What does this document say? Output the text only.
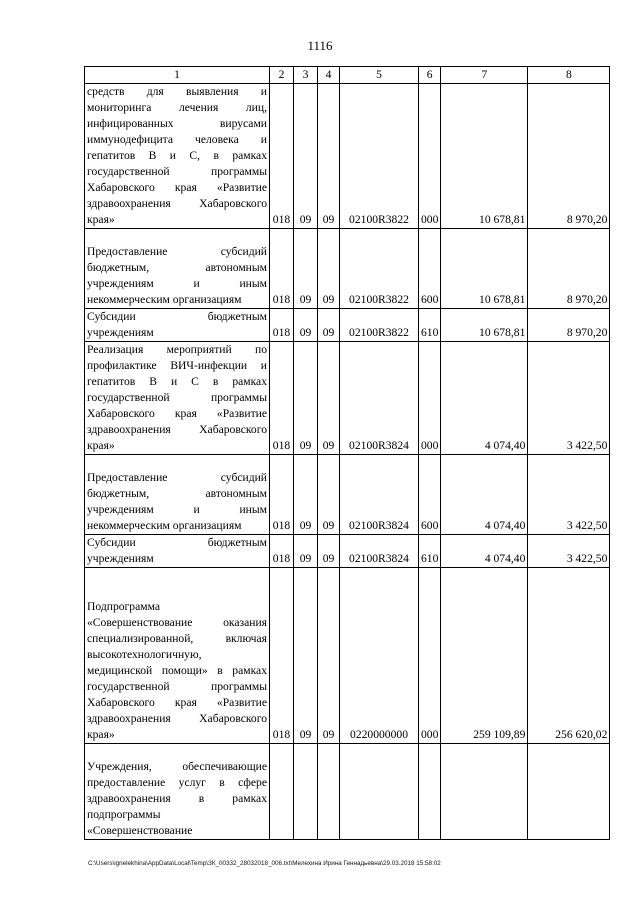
1116
1	2	3	4	5	6	7	8

средств для выявления и мониторинга лечения лиц, инфицированных вирусами иммунодефицита человека и гепатитов В и С, в рамках государственной программы Хабаровского края «Развитие здравоохранения Хабаровского края»	018	09	09	02100R3822	000	10 678,81	8 970,20

Предоставление субсидий бюджетным, автономным учреждениям и иным некоммерческим организациям	018	09	09	02100R3822	600	10 678,81	8 970,20

Субсидии бюджетным учреждениям	018	09	09	02100R3822	610	10 678,81	8 970,20

Реализация мероприятий по профилактике ВИЧ-инфекции и гепатитов В и С в рамках государственной программы Хабаровского края «Развитие здравоохранения Хабаровского края»	018	09	09	02100R3824	000	4 074,40	3 422,50

Предоставление субсидий бюджетным, автономным учреждениям и иным некоммерческим организациям	018	09	09	02100R3824	600	4 074,40	3 422,50

Субсидии бюджетным учреждениям	018	09	09	02100R3824	610	4 074,40	3 422,50

Подпрограмма «Совершенствование оказания специализированной, включая высокотехнологичную, медицинской помощи» в рамках государственной программы Хабаровского края «Развитие здравоохранения Хабаровского края»	018	09	09	0220000000	000	259 109,89	256 620,02

Учреждения, обеспечивающие предоставление услуг в сфере здравоохранения в рамках подпрограммы «Совершенствование							

C:\Users\ignelekhina\AppData\Local\Temp\ЗК_00332_28032018_006.txt\Мелехина Ирина Геннадьевна\29.03.2018 15:58:02
